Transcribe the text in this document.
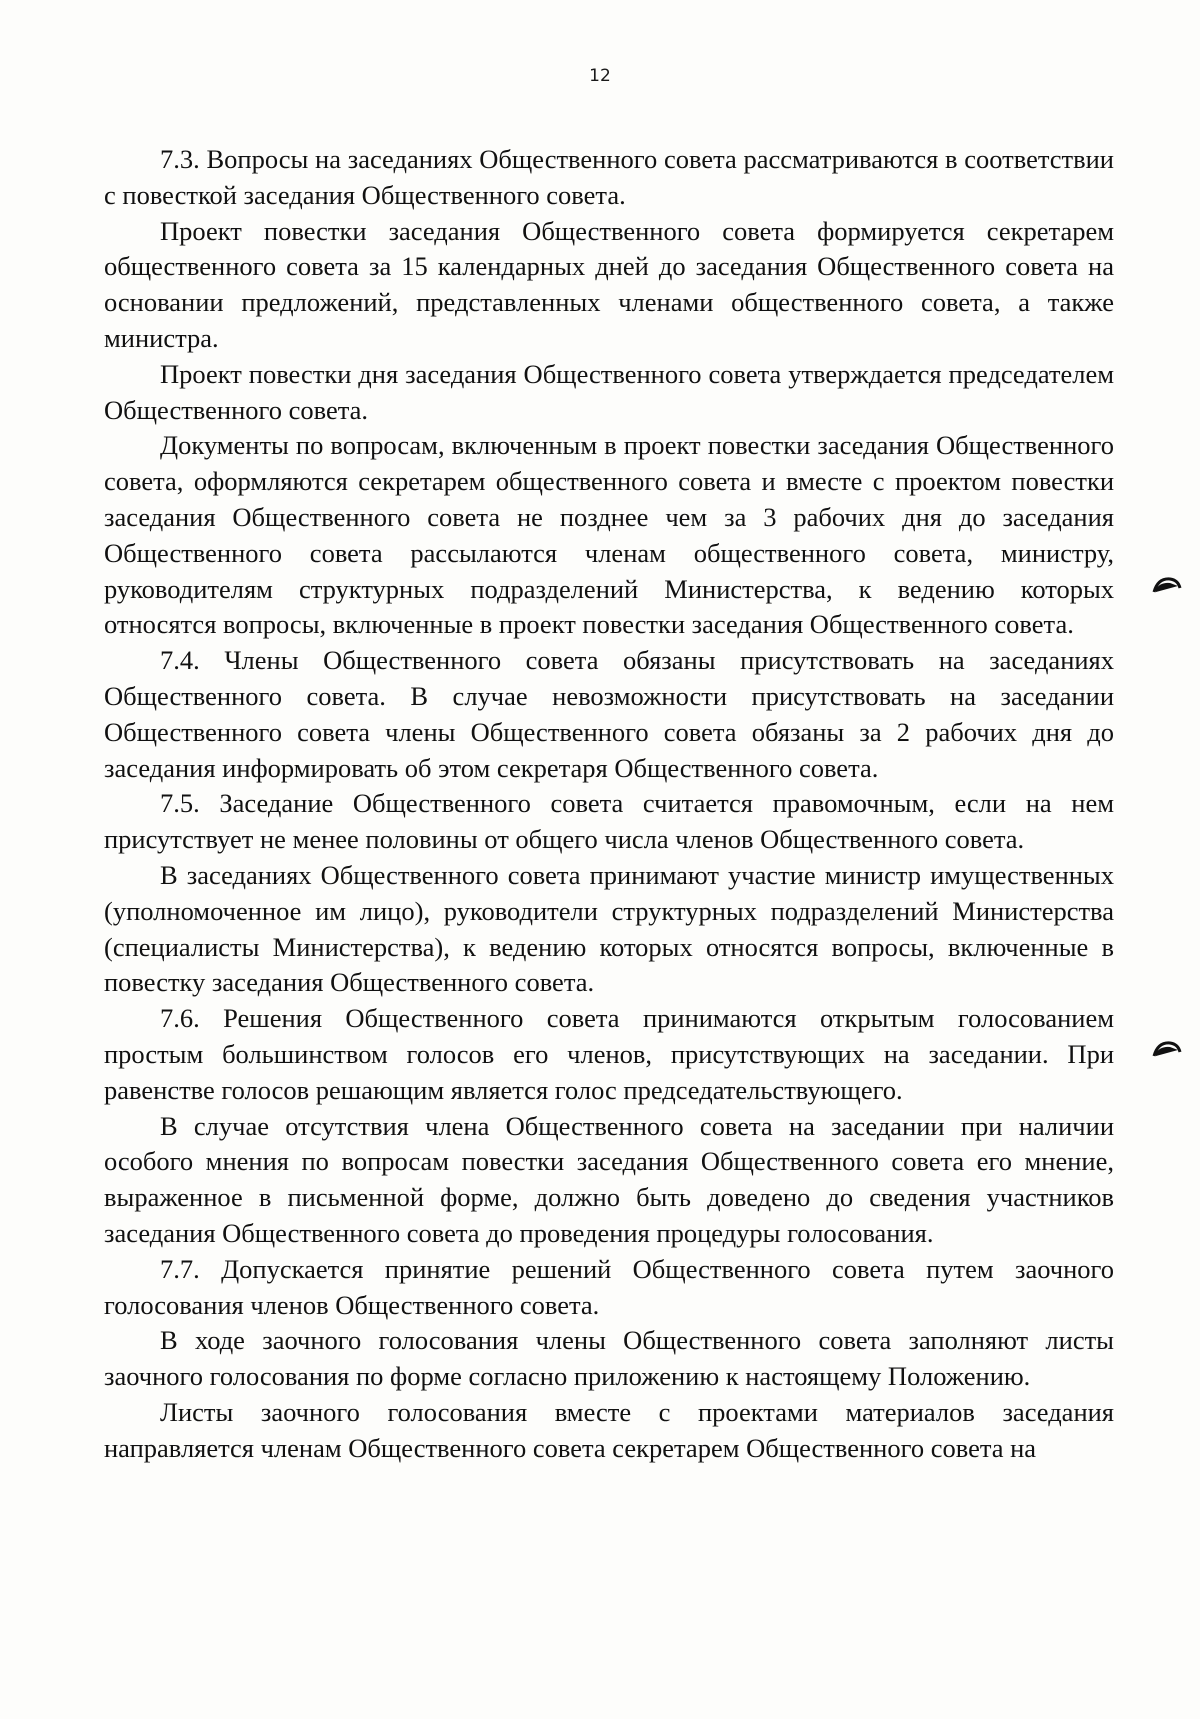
12

7.3. Вопросы на заседаниях Общественного совета рассматриваются в соответствии с повесткой заседания Общественного совета.

Проект повестки заседания Общественного совета формируется секретарем общественного совета за 15 календарных дней до заседания Общественного совета на основании предложений, представленных членами общественного совета, а также министра.

Проект повестки дня заседания Общественного совета утверждается председателем Общественного совета.

Документы по вопросам, включенным в проект повестки заседания Общественного совета, оформляются секретарем общественного совета и вместе с проектом повестки заседания Общественного совета не позднее чем за 3 рабочих дня до заседания Общественного совета рассылаются членам общественного совета, министру, руководителям структурных подразделений Министерства, к ведению которых относятся вопросы, включенные в проект повестки заседания Общественного совета.

7.4. Члены Общественного совета обязаны присутствовать на заседаниях Общественного совета. В случае невозможности присутствовать на заседании Общественного совета члены Общественного совета обязаны за 2 рабочих дня до заседания информировать об этом секретаря Общественного совета.

7.5. Заседание Общественного совета считается правомочным, если на нем присутствует не менее половины от общего числа членов Общественного совета.

В заседаниях Общественного совета принимают участие министр имущественных (уполномоченное им лицо), руководители структурных подразделений Министерства (специалисты Министерства), к ведению которых относятся вопросы, включенные в повестку заседания Общественного совета.

7.6. Решения Общественного совета принимаются открытым голосованием простым большинством голосов его членов, присутствующих на заседании. При равенстве голосов решающим является голос председательствующего.

В случае отсутствия члена Общественного совета на заседании при наличии особого мнения по вопросам повестки заседания Общественного совета его мнение, выраженное в письменной форме, должно быть доведено до сведения участников заседания Общественного совета до проведения процедуры голосования.

7.7. Допускается принятие решений Общественного совета путем заочного голосования членов Общественного совета.

В ходе заочного голосования члены Общественного совета заполняют листы заочного голосования по форме согласно приложению к настоящему Положению.

Листы заочного голосования вместе с проектами материалов заседания направляется членам Общественного совета секретарем Общественного совета на
